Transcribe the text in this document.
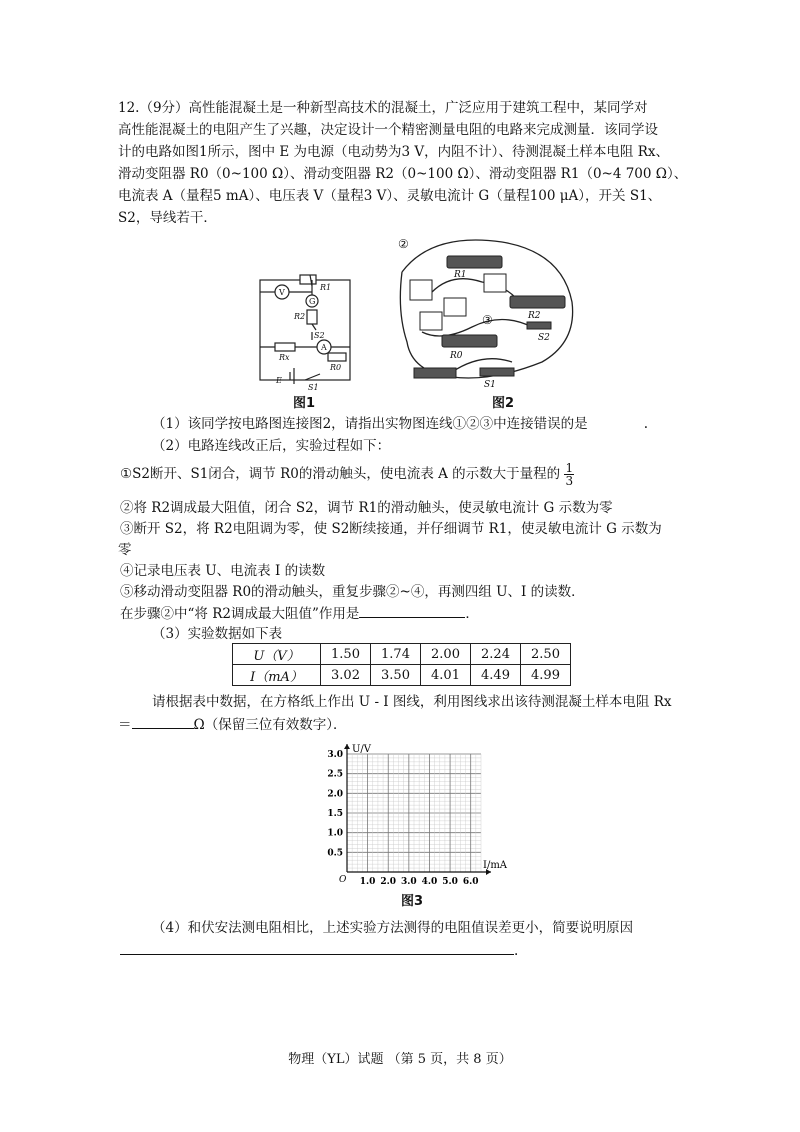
12.（9分）高性能混凝土是一种新型高技术的混凝土，广泛应用于建筑工程中，某同学对
高性能混凝土的电阻产生了兴趣，决定设计一个精密测量电阻的电路来完成测量．该同学设
计的电路如图1所示，图中 E 为电源（电动势为3 V，内阻不计）、待测混凝土样本电阻 Rx、
滑动变阻器 R0（0~100 Ω）、滑动变阻器 R2（0~100 Ω）、滑动变阻器 R1（0~4 700 Ω）、
电流表 A（量程5 mA）、电压表 V（量程3 V）、灵敏电流计 G（量程100 μA），开关 S1、
S2，导线若干．
V
G
A
R1
R2
S2
Rx
R0
E
S1
图1
②
③
R1
R2
R0
S1
S2
图2
（1）该同学按电路图连接图2，请指出实物图连线①②③中连接错误的是	.
（2）电路连线改正后，实验过程如下：
①S2断开、S1闭合，调节 R0的滑动触头，使电流表 A 的示数大于量程的 $\frac{1}{3}$
②将 R2调成最大阻值，闭合 S2，调节 R1的滑动触头，使灵敏电流计 G 示数为零
③断开 S2，将 R2电阻调为零，使 S2断续接通，并仔细调节 R1，使灵敏电流计 G 示数为
零
④记录电压表 U、电流表 I 的读数
⑤移动滑动变阻器 R0的滑动触头，重复步骤②~④，再测四组 U、I 的读数．
在步骤②中“将 R2调成最大阻值”作用是	．
（3）实验数据如下表
U（V）	1.50	1.74	2.00	2.24	2.50
I（mA）	3.02	3.50	4.01	4.49	4.99
请根据表中数据，在方格纸上作出 U - I 图线，利用图线求出该待测混凝土样本电阻 Rx
＝	Ω（保留三位有效数字）．
1.0 2.0 3.0 4.0 5.0 6.0
0.5
1.0
1.5
2.0
2.5
3.0
O
I/mA
U/V
图3
（4）和伏安法测电阻相比，上述实验方法测得的电阻值误差更小，简要说明原因
.
物理（YL）试题 （第 5 页，共 8 页）
